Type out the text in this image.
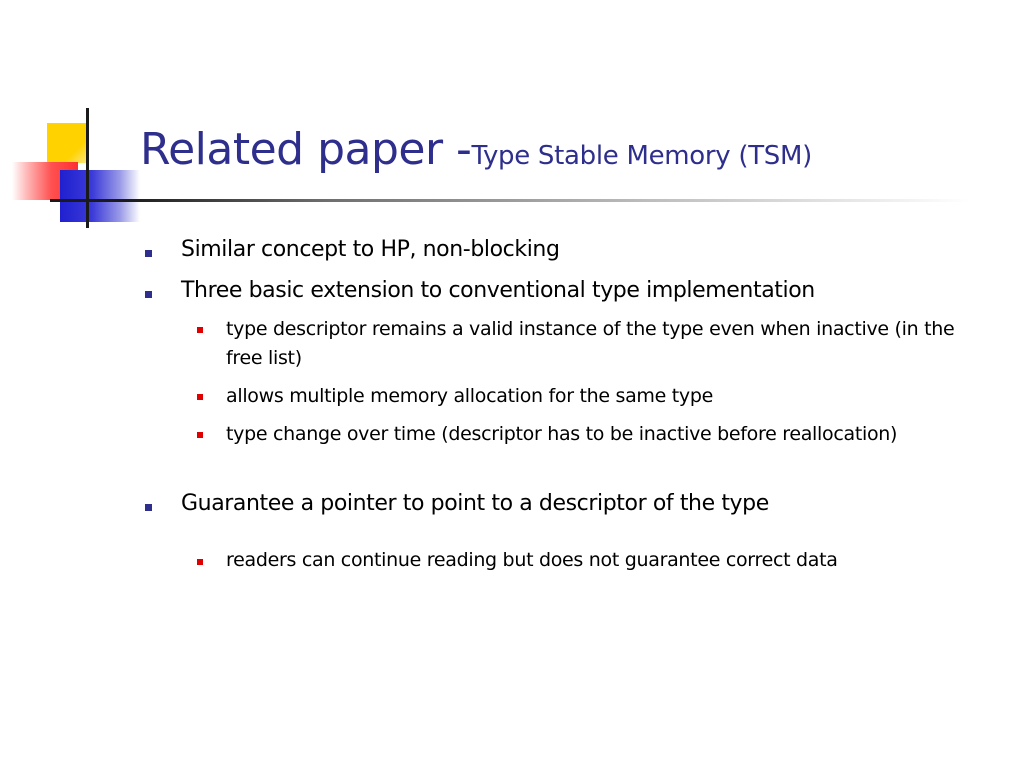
Related paper -Type Stable Memory (TSM)
Similar concept to HP, non-blocking
Three basic extension to conventional type implementation
type descriptor remains a valid instance of the type even when inactive (in the free list)
allows multiple memory allocation for the same type
type change over time (descriptor has to be inactive before reallocation)
Guarantee a pointer to point to a descriptor of the type
readers can continue reading but does not guarantee correct data
